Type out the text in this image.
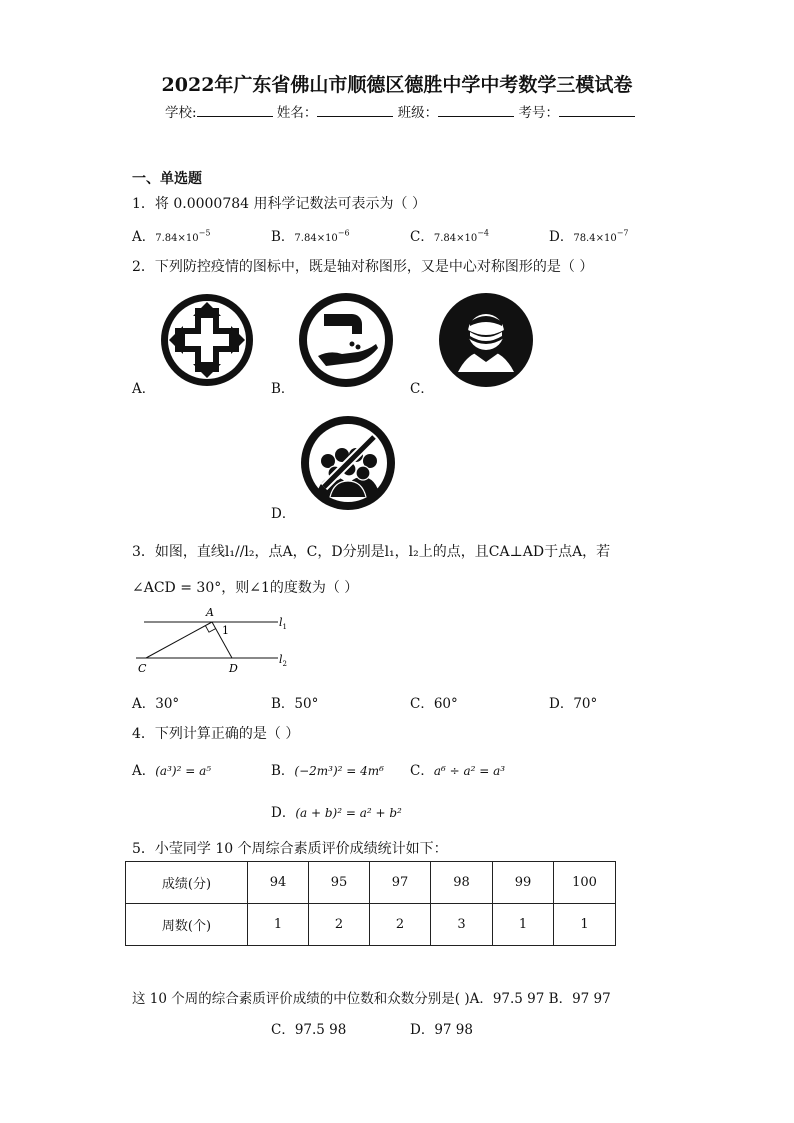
2022年广东省佛山市顺德区德胜中学中考数学三模试卷
学校:	姓名：	班级：	考号：
一、单选题
1．将 0.0000784 用科学记数法可表示为（ ）
A．$7.84\times 10^{-5}$	B．$7.84\times 10^{-6}$	C．$7.84\times 10^{-4}$	D．$78.4\times 10^{-7}$
2．下列防控疫情的图标中，既是轴对称图形，又是中心对称图形的是（ ）
A．	B．	C．
D．
3．如图，直线l₁//l₂，点A，C，D分别是l₁，l₂上的点，且CA⊥AD于点A，若
∠ACD = 30°，则∠1的度数为（ ）
A
1
C	D
$l_1$
$l_2$
A．30°	B．50°	C．60°	D．70°
4．下列计算正确的是（ ）
A．(a³)² = a⁵	B．(−2m³)² = 4m⁶ C．a⁶ ÷ a² = a³
D．(a + b)² = a² + b²
5．小莹同学 10 个周综合素质评价成绩统计如下：
成绩(分)	94	95	97	98	99	100
周数(个)	1	2	2	3	1	1
这 10 个周的综合素质评价成绩的中位数和众数分别是( )A．97.5 97 B．97 97
C．97.5 98	D．97 98
